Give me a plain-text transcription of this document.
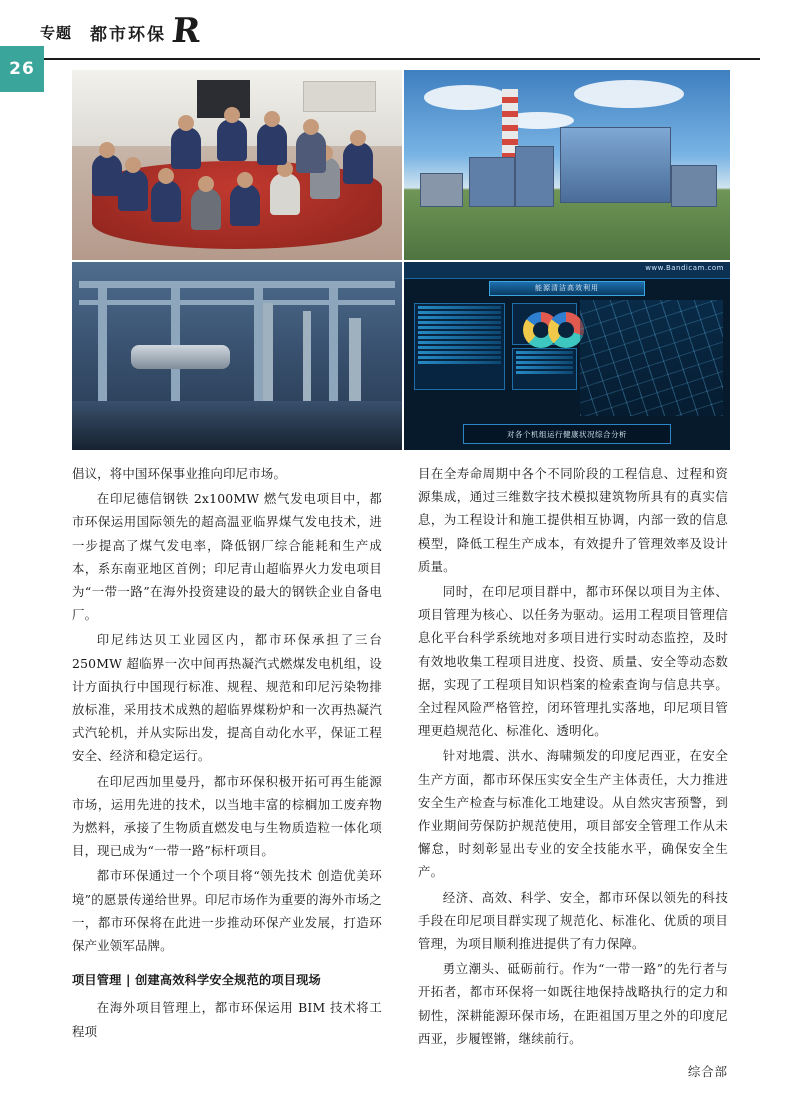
专题 都市环保 R
26
www.Bandicam.com
能源清洁高效利用
对各个机组运行健康状况综合分析

倡议，将中国环保事业推向印尼市场。

在印尼德信钢铁 2x100MW 燃气发电项目中，都市环保运用国际领先的超高温亚临界煤气发电技术，进一步提高了煤气发电率，降低钢厂综合能耗和生产成本，系东南亚地区首例；印尼青山超临界火力发电项目为“一带一路”在海外投资建设的最大的钢铁企业自备电厂。

印尼纬达贝工业园区内，都市环保承担了三台 250MW 超临界一次中间再热凝汽式燃煤发电机组，设计方面执行中国现行标准、规程、规范和印尼污染物排放标准，采用技术成熟的超临界煤粉炉和一次再热凝汽式汽轮机，并从实际出发，提高自动化水平，保证工程安全、经济和稳定运行。

在印尼西加里曼丹，都市环保积极开拓可再生能源市场，运用先进的技术，以当地丰富的棕榈加工废弃物为燃料，承接了生物质直燃发电与生物质造粒一体化项目，现已成为“一带一路”标杆项目。

都市环保通过一个个项目将“领先技术 创造优美环境”的愿景传递给世界。印尼市场作为重要的海外市场之一，都市环保将在此进一步推动环保产业发展，打造环保产业领军品牌。

项目管理 | 创建高效科学安全规范的项目现场

在海外项目管理上，都市环保运用 BIM 技术将工程项

目在全寿命周期中各个不同阶段的工程信息、过程和资源集成，通过三维数字技术模拟建筑物所具有的真实信息，为工程设计和施工提供相互协调，内部一致的信息模型，降低工程生产成本，有效提升了管理效率及设计质量。

同时，在印尼项目群中，都市环保以项目为主体、项目管理为核心、以任务为驱动。运用工程项目管理信息化平台科学系统地对多项目进行实时动态监控，及时有效地收集工程项目进度、投资、质量、安全等动态数据，实现了工程项目知识档案的检索查询与信息共享。全过程风险严格管控，闭环管理扎实落地，印尼项目管理更趋规范化、标准化、透明化。

针对地震、洪水、海啸频发的印度尼西亚，在安全生产方面，都市环保压实安全生产主体责任，大力推进安全生产检查与标准化工地建设。从自然灾害预警，到作业期间劳保防护规范使用，项目部安全管理工作从未懈怠，时刻彰显出专业的安全技能水平，确保安全生产。

经济、高效、科学、安全，都市环保以领先的科技手段在印尼项目群实现了规范化、标准化、优质的项目管理，为项目顺利推进提供了有力保障。

勇立潮头、砥砺前行。作为“一带一路”的先行者与开拓者，都市环保将一如既往地保持战略执行的定力和韧性，深耕能源环保市场，在距祖国万里之外的印度尼西亚，步履铿锵，继续前行。

综合部
